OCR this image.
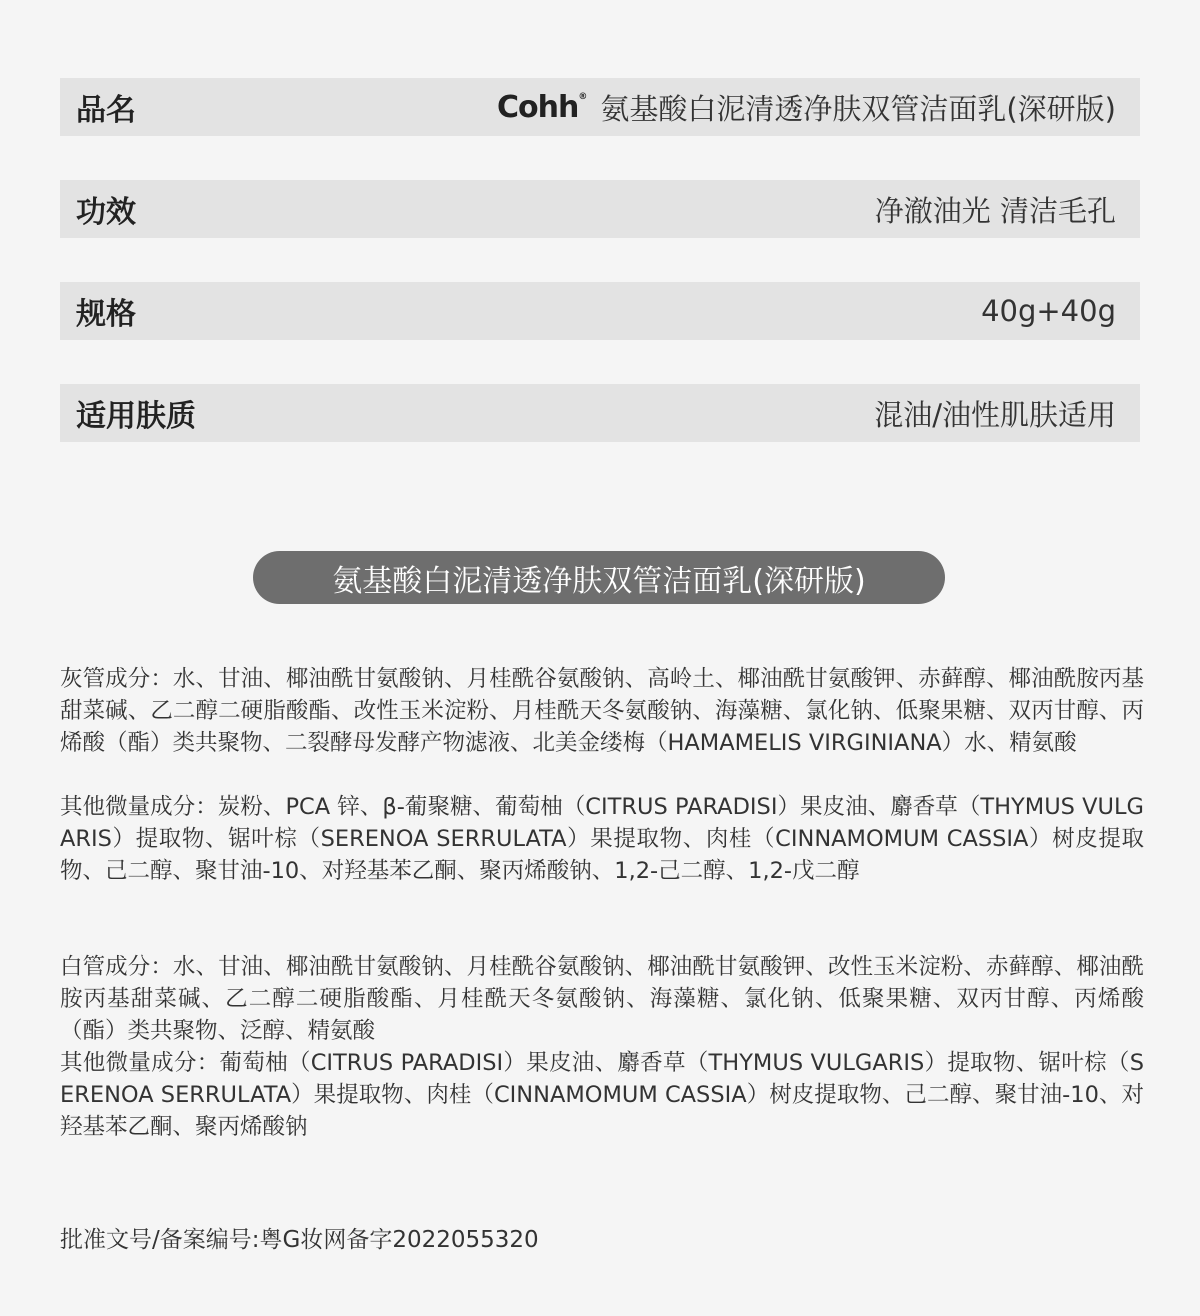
品名	Cohh® 氨基酸白泥清透净肤双管洁面乳(深研版)
功效	净澈油光 清洁毛孔
规格	40g+40g
适用肤质	混油/油性肌肤适用
氨基酸白泥清透净肤双管洁面乳(深研版)
灰管成分：水、甘油、椰油酰甘氨酸钠、月桂酰谷氨酸钠、高岭土、椰油酰甘氨酸钾、赤藓醇、椰油酰胺丙基甜菜碱、乙二醇二硬脂酸酯、改性玉米淀粉、月桂酰天冬氨酸钠、海藻糖、氯化钠、低聚果糖、双丙甘醇、丙烯酸（酯）类共聚物、二裂酵母发酵产物滤液、北美金缕梅（HAMAMELIS VIRGINIANA）水、精氨酸
其他微量成分：炭粉、PCA 锌、β-葡聚糖、葡萄柚（CITRUS PARADISI）果皮油、麝香草（THYMUS VULGARIS）提取物、锯叶棕（SERENOA SERRULATA）果提取物、肉桂（CINNAMOMUM CASSIA）树皮提取物、己二醇、聚甘油-10、对羟基苯乙酮、聚丙烯酸钠、1,2-己二醇、1,2-戊二醇
白管成分：水、甘油、椰油酰甘氨酸钠、月桂酰谷氨酸钠、椰油酰甘氨酸钾、改性玉米淀粉、赤藓醇、椰油酰胺丙基甜菜碱、乙二醇二硬脂酸酯、月桂酰天冬氨酸钠、海藻糖、氯化钠、低聚果糖、双丙甘醇、丙烯酸（酯）类共聚物、泛醇、精氨酸
其他微量成分：葡萄柚（CITRUS PARADISI）果皮油、麝香草（THYMUS VULGARIS）提取物、锯叶棕（SERENOA SERRULATA）果提取物、肉桂（CINNAMOMUM CASSIA）树皮提取物、己二醇、聚甘油-10、对羟基苯乙酮、聚丙烯酸钠
批准文号/备案编号:粤G妆网备字2022055320
